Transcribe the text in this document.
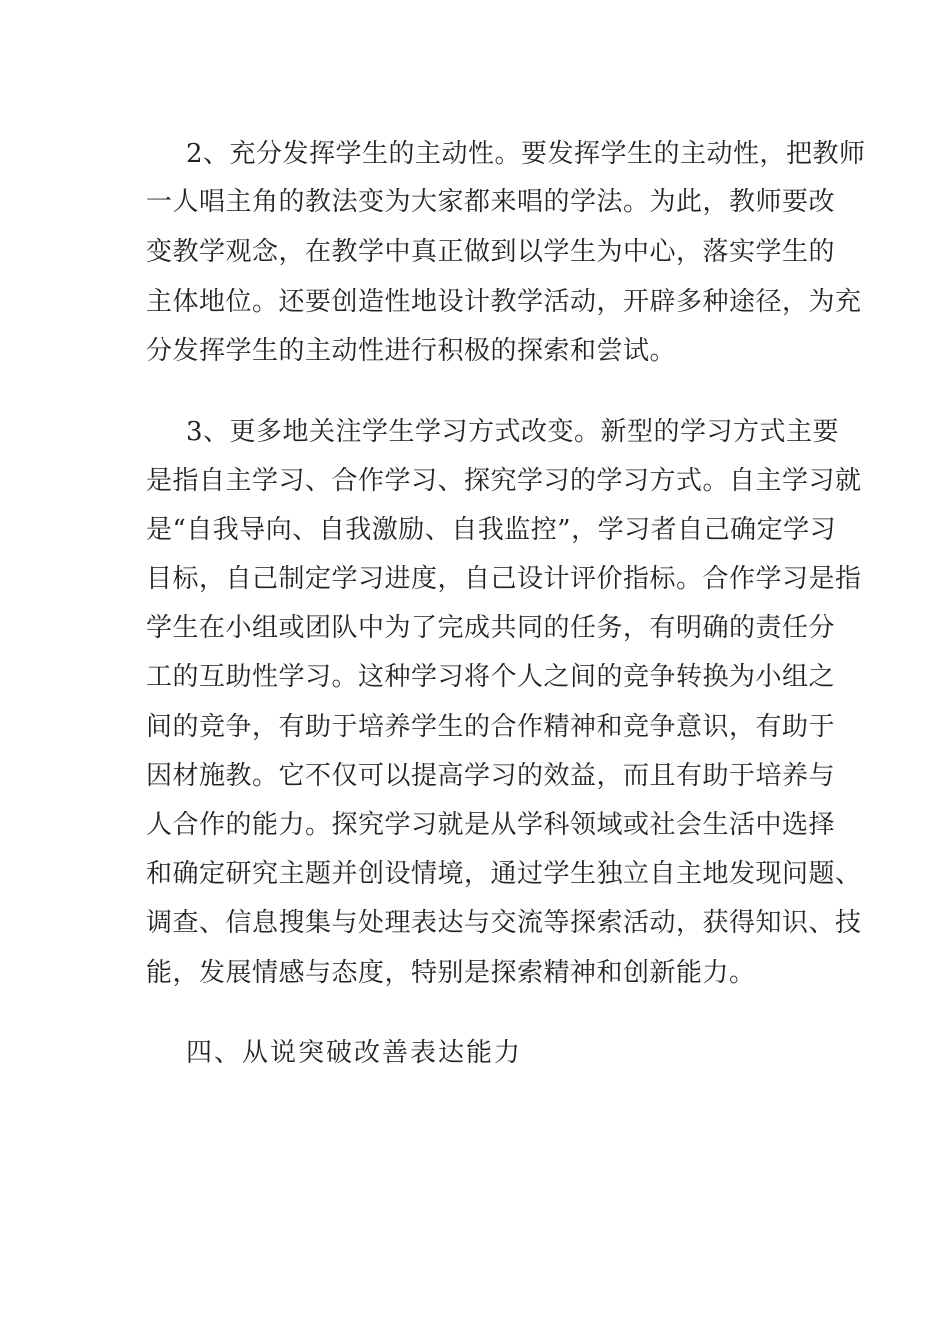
2、充分发挥学生的主动性。要发挥学生的主动性，把教师
一人唱主角的教法变为大家都来唱的学法。为此，教师要改
变教学观念，在教学中真正做到以学生为中心，落实学生的
主体地位。还要创造性地设计教学活动，开辟多种途径，为充
分发挥学生的主动性进行积极的探索和尝试。
3、更多地关注学生学习方式改变。新型的学习方式主要
是指自主学习、合作学习、探究学习的学习方式。自主学习就
是“自我导向、自我激励、自我监控”，学习者自己确定学习
目标，自己制定学习进度，自己设计评价指标。合作学习是指
学生在小组或团队中为了完成共同的任务，有明确的责任分
工的互助性学习。这种学习将个人之间的竞争转换为小组之
间的竞争，有助于培养学生的合作精神和竞争意识，有助于
因材施教。它不仅可以提高学习的效益，而且有助于培养与
人合作的能力。探究学习就是从学科领域或社会生活中选择
和确定研究主题并创设情境，通过学生独立自主地发现问题、
调查、信息搜集与处理表达与交流等探索活动，获得知识、技
能，发展情感与态度，特别是探索精神和创新能力。
四、从说突破改善表达能力
